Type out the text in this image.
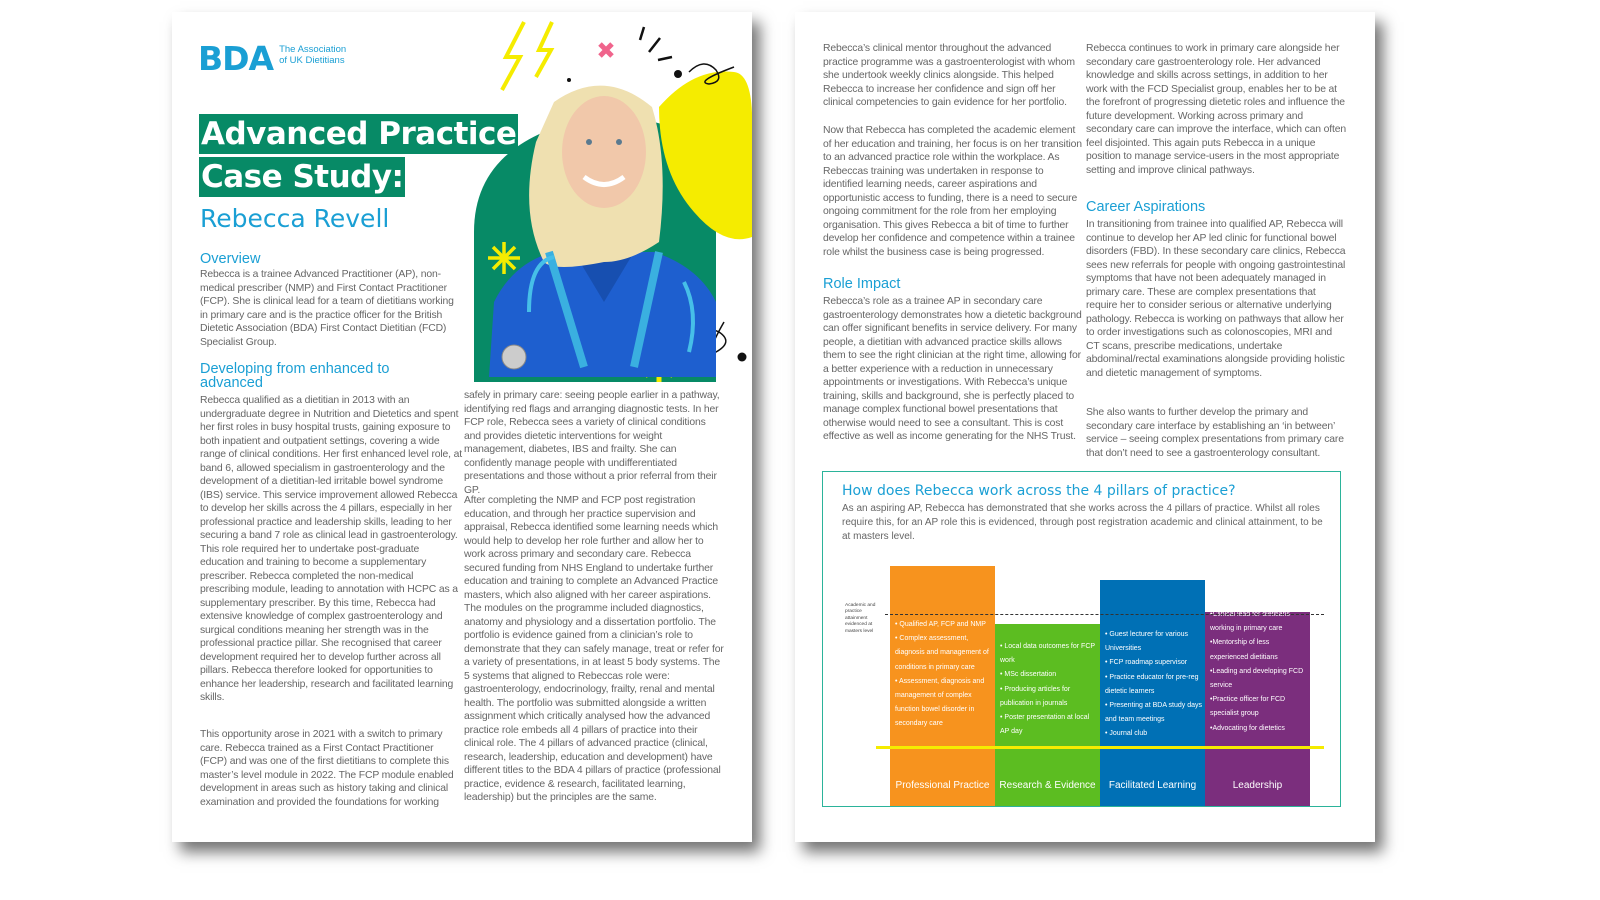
BDA The Association
of UK Dietitians
Advanced Practice
Case Study:
Rebecca Revell
Overview
Rebecca is a trainee Advanced Practitioner (AP), non-medical prescriber (NMP) and First Contact Practitioner (FCP). She is clinical lead for a team of dietitians working in primary care and is the practice officer for the British Dietetic Association (BDA) First Contact Dietitian (FCD) Specialist Group.
Developing from enhanced to advanced
Rebecca qualified as a dietitian in 2013 with an undergraduate degree in Nutrition and Dietetics and spent her first roles in busy hospital trusts, gaining exposure to both inpatient and outpatient settings, covering a wide range of clinical conditions. Her first enhanced level role, at band 6, allowed specialism in gastroenterology and the development of a dietitian-led irritable bowel syndrome (IBS) service. This service improvement allowed Rebecca to develop her skills across the 4 pillars, especially in her professional practice and leadership skills, leading to her securing a band 7 role as clinical lead in gastroenterology. This role required her to undertake post-graduate education and training to become a supplementary prescriber. Rebecca completed the non-medical prescribing module, leading to annotation with HCPC as a supplementary prescriber. By this time, Rebecca had extensive knowledge of complex gastroenterology and surgical conditions meaning her strength was in the professional practice pillar. She recognised that career development required her to develop further across all pillars. Rebecca therefore looked for opportunities to enhance her leadership, research and facilitated learning skills.
This opportunity arose in 2021 with a switch to primary care. Rebecca trained as a First Contact Practitioner (FCP) and was one of the first dietitians to complete this master’s level module in 2022. The FCP module enabled development in areas such as history taking and clinical examination and provided the foundations for working
safely in primary care: seeing people earlier in a pathway, identifying red flags and arranging diagnostic tests. In her FCP role, Rebecca sees a variety of clinical conditions and provides dietetic interventions for weight management, diabetes, IBS and frailty. She can confidently manage people with undifferentiated presentations and those without a prior referral from their GP.
After completing the NMP and FCP post registration education, and through her practice supervision and appraisal, Rebecca identified some learning needs which would help to develop her role further and allow her to work across primary and secondary care. Rebecca secured funding from NHS England to undertake further education and training to complete an Advanced Practice masters, which also aligned with her career aspirations. The modules on the programme included diagnostics, anatomy and physiology and a dissertation portfolio. The portfolio is evidence gained from a clinician’s role to demonstrate that they can safely manage, treat or refer for a variety of presentations, in at least 5 body systems. The 5 systems that aligned to Rebeccas role were: gastroenterology, endocrinology, frailty, renal and mental health. The portfolio was submitted alongside a written assignment which critically analysed how the advanced practice role embeds all 4 pillars of practice into their clinical role. The 4 pillars of advanced practice (clinical, research, leadership, education and development) have different titles to the BDA 4 pillars of practice (professional practice, evidence & research, facilitated learning, leadership) but the principles are the same.
Rebecca’s clinical mentor throughout the advanced practice programme was a gastroenterologist with whom she undertook weekly clinics alongside. This helped Rebecca to increase her confidence and sign off her clinical competencies to gain evidence for her portfolio.
Now that Rebecca has completed the academic element of her education and training, her focus is on her transition to an advanced practice role within the workplace. As Rebeccas training was undertaken in response to identified learning needs, career aspirations and opportunistic access to funding, there is a need to secure ongoing commitment for the role from her employing organisation. This gives Rebecca a bit of time to further develop her confidence and competence within a trainee role whilst the business case is being progressed.
Role Impact
Rebecca’s role as a trainee AP in secondary care gastroenterology demonstrates how a dietetic background can offer significant benefits in service delivery. For many people, a dietitian with advanced practice skills allows them to see the right clinician at the right time, allowing for a better experience with a reduction in unnecessary appointments or investigations. With Rebecca’s unique training, skills and background, she is perfectly placed to manage complex functional bowel presentations that otherwise would need to see a consultant. This is cost effective as well as income generating for the NHS Trust.
Rebecca continues to work in primary care alongside her secondary care gastroenterology role. Her advanced knowledge and skills across settings, in addition to her work with the FCD Specialist group, enables her to be at the forefront of progressing dietetic roles and influence the future development. Working across primary and secondary care can improve the interface, which can often feel disjointed. This again puts Rebecca in a unique position to manage service-users in the most appropriate setting and improve clinical pathways.
Career Aspirations
In transitioning from trainee into qualified AP, Rebecca will continue to develop her AP led clinic for functional bowel disorders (FBD). In these secondary care clinics, Rebecca sees new referrals for people with ongoing gastrointestinal symptoms that have not been adequately managed in primary care. These are complex presentations that require her to consider serious or alternative underlying pathology. Rebecca is working on pathways that allow her to order investigations such as colonoscopies, MRI and CT scans, prescribe medications, undertake abdominal/rectal examinations alongside providing holistic and dietetic management of symptoms.
She also wants to further develop the primary and secondary care interface by establishing an ‘in between’ service – seeing complex presentations from primary care that don’t need to see a gastroenterology consultant.
How does Rebecca work across the 4 pillars of practice?
As an aspiring AP, Rebecca has demonstrated that she works across the 4 pillars of practice. Whilst all roles require this, for an AP role this is evidenced, through post registration academic and clinical attainment, to be at masters level.
Academic and practice attainment evidenced at masters level
• Qualified AP, FCP and NMP
• Complex assessment, diagnosis and management of conditions in primary care
• Assessment, diagnosis and management of complex function bowel disorder in secondary care
Professional Practice
• Local data outcomes for FCP work
• MSc dissertation
• Producing articles for publication in journals
• Poster presentation at local AP day
Research & Evidence
• Guest lecturer for various Universities
• FCP roadmap supervisor
• Practice educator for pre-reg dietetic learners
• Presenting at BDA study days and team meetings
• Journal club
Facilitated Learning
•Clinical lead for dietitians working in primary care
•Mentorship of less experienced dietitians
•Leading and developing FCD service
•Practice officer for FCD specialist group
•Advocating for dietetics
Leadership
